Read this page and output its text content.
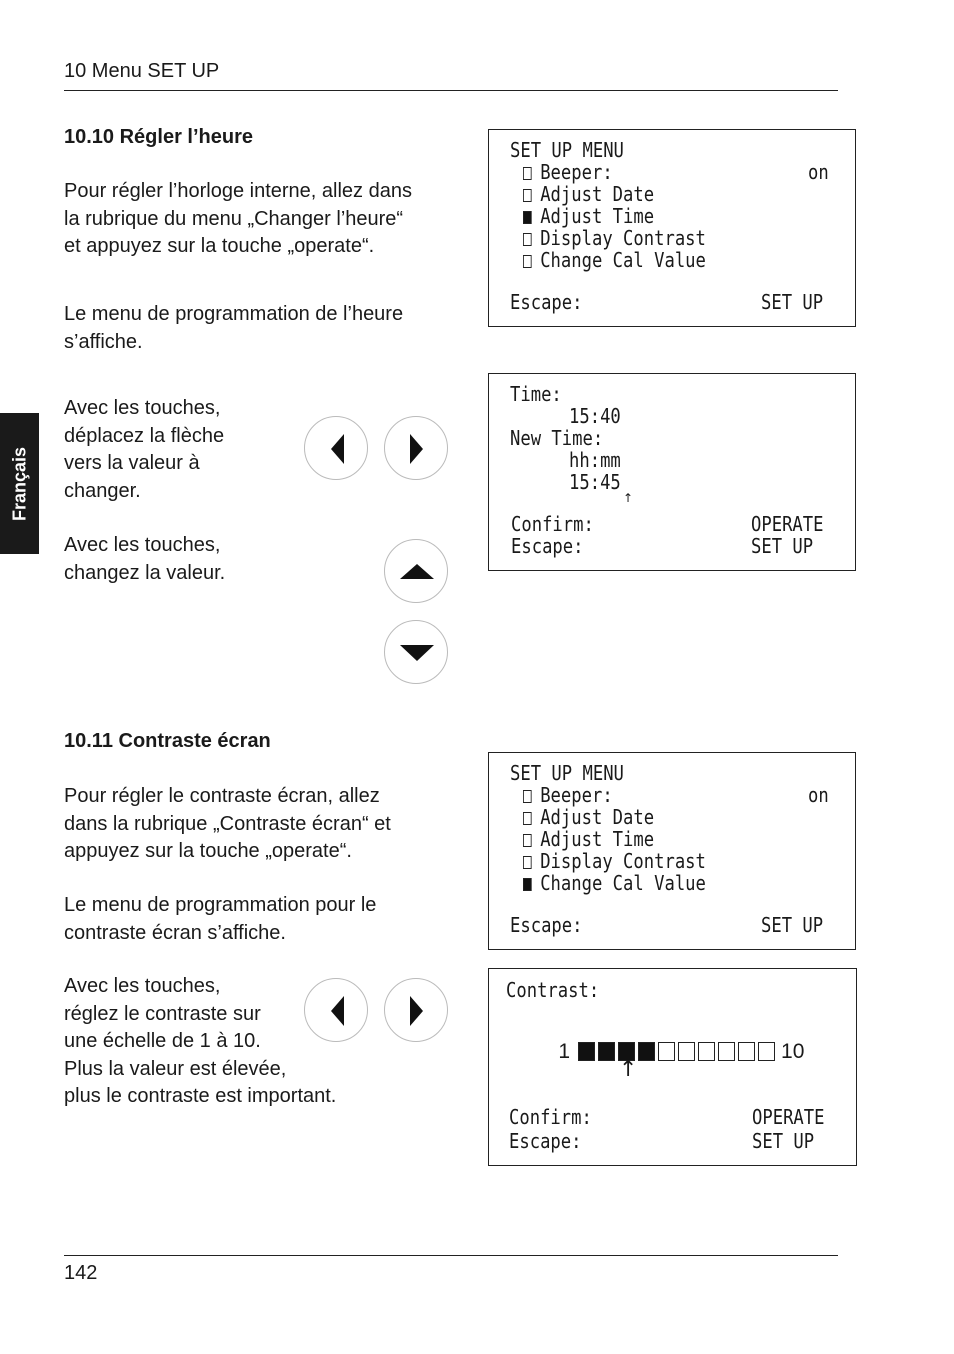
10 Menu SET UP
Français
10.10 Régler l’heure
Pour régler l’horloge interne, allez dans
la rubrique du menu „Changer l’heure“
et appuyez sur la touche „operate“.
Le menu de programmation de l’heure
s’affiche.
Avec les touches,
déplacez la flèche
vers la valeur à
changer.
Avec les touches,
changez la valeur.
SET UP MENU
Beeper:	on
Adjust Date
Adjust Time
Display Contrast
Change Cal Value
Escape:	SET UP
Time:
15:40
New Time:
hh:mm
15:45
↑
Confirm:	OPERATE
Escape:	SET UP
10.11 Contraste écran
Pour régler le contraste écran, allez
dans la rubrique „Contraste écran“ et
appuyez sur la touche „operate“.
Le menu de programmation pour le
contraste écran s’affiche.
Avec les touches,
réglez le contraste sur
une échelle de 1 à 10.
Plus la valeur est élevée,
plus le contraste est important.
SET UP MENU
Beeper:	on
Adjust Date
Adjust Time
Display Contrast
Change Cal Value
Escape:	SET UP
Contrast:

1	10

↑
Confirm:	OPERATE
Escape:	SET UP
142
